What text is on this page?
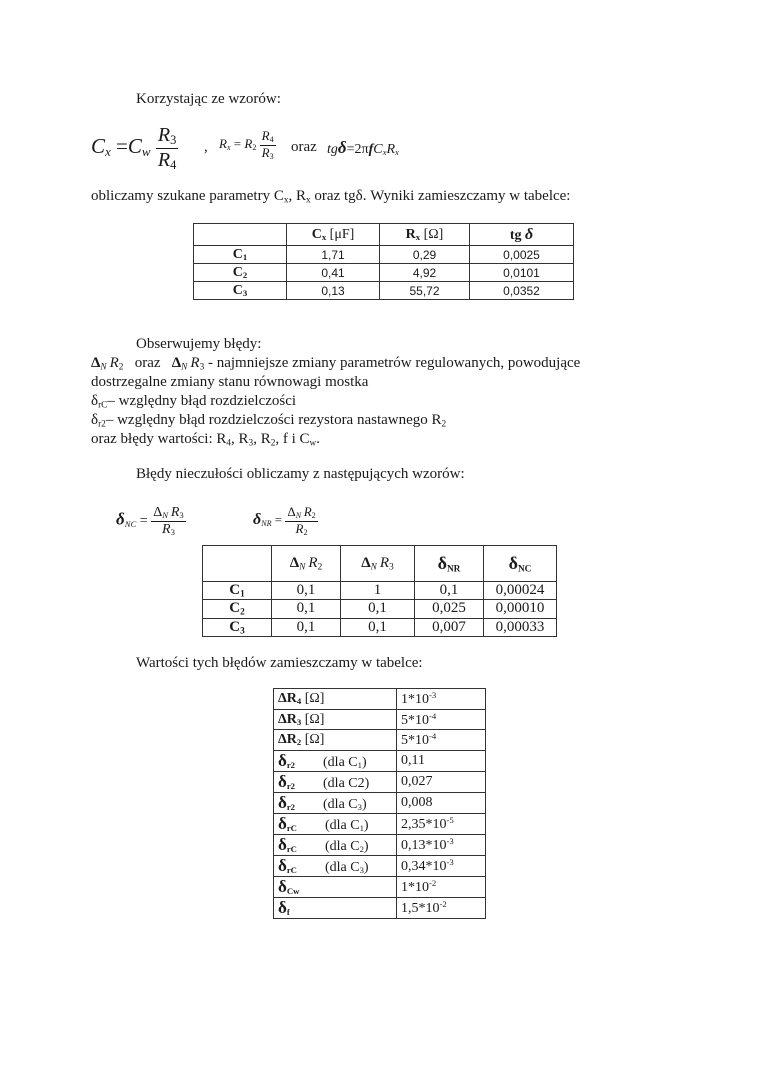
Korzystając ze wzorów:
$C_x =C_w \frac{R_3}{R_4}$ , $R_x = R_2 \frac{R_4}{R_3}$ oraz $tg\delta=2\pi fC_xR_x$
obliczamy szukane parametry $C_x$, $R_x$ oraz tgδ. Wyniki zamieszczamy w tabelce:
	$C_x$ [μF]	$R_x$ [Ω]	tg δ
$C_1$	1,71	0,29	0,0025
$C_2$	0,41	4,92	0,0101
$C_3$	0,13	55,72	0,0352
Obserwujemy błędy:
$\Delta_N$  $R_2$ oraz $\Delta_N$  $R_3$ - najmniejsze zmiany parametrów regulowanych, powodujące
dostrzegalne zmiany stanu równowagi mostka
$\delta_{rC}-$ względny błąd rozdzielczości
$\delta_{r2}-$ względny błąd rozdzielczości rezystora nastawnego $R_2$
oraz błędy wartości: $R_4$, $R_3$, $R_2$, f i $C_w$.
Błędy nieczułości obliczamy z następujących wzorów:
$\delta_{NC} = \frac{\Delta_N R_3}{R_3}$	$\delta_{NR} = \frac{\Delta_N R_2}{R_2}$
	$\Delta_N$  $R_2$	$\Delta_N$  $R_3$	$\delta_{NR}$	$\delta_{NC}$
$C_1$	0,1	1	0,1	0,00024
$C_2$	0,1	0,1	0,025	0,00010
$C_3$	0,1	0,1	0,007	0,00033
Wartości tych błędów zamieszczamy w tabelce:
$\Delta R_4$ [Ω]	$1*10^{-3}$
$\Delta R_3$ [Ω]	$5*10^{-4}$
$\Delta R_2$ [Ω]	$5*10^{-4}$
$\delta_{r2}$ (dla $C_1$)	0,11
$\delta_{r2}$ (dla C2)	0,027
$\delta_{r2}$ (dla $C_3$)	0,008
$\delta_{rC}$ (dla $C_1$)	$2,35*10^{-5}$
$\delta_{rC}$ (dla $C_2$)	$0,13*10^{-3}$
$\delta_{rC}$ (dla $C_3$)	$0,34*10^{-3}$
$\delta_{Cw}$	$1*10^{-2}$
$\delta_f$	$1,5*10^{-2}$
